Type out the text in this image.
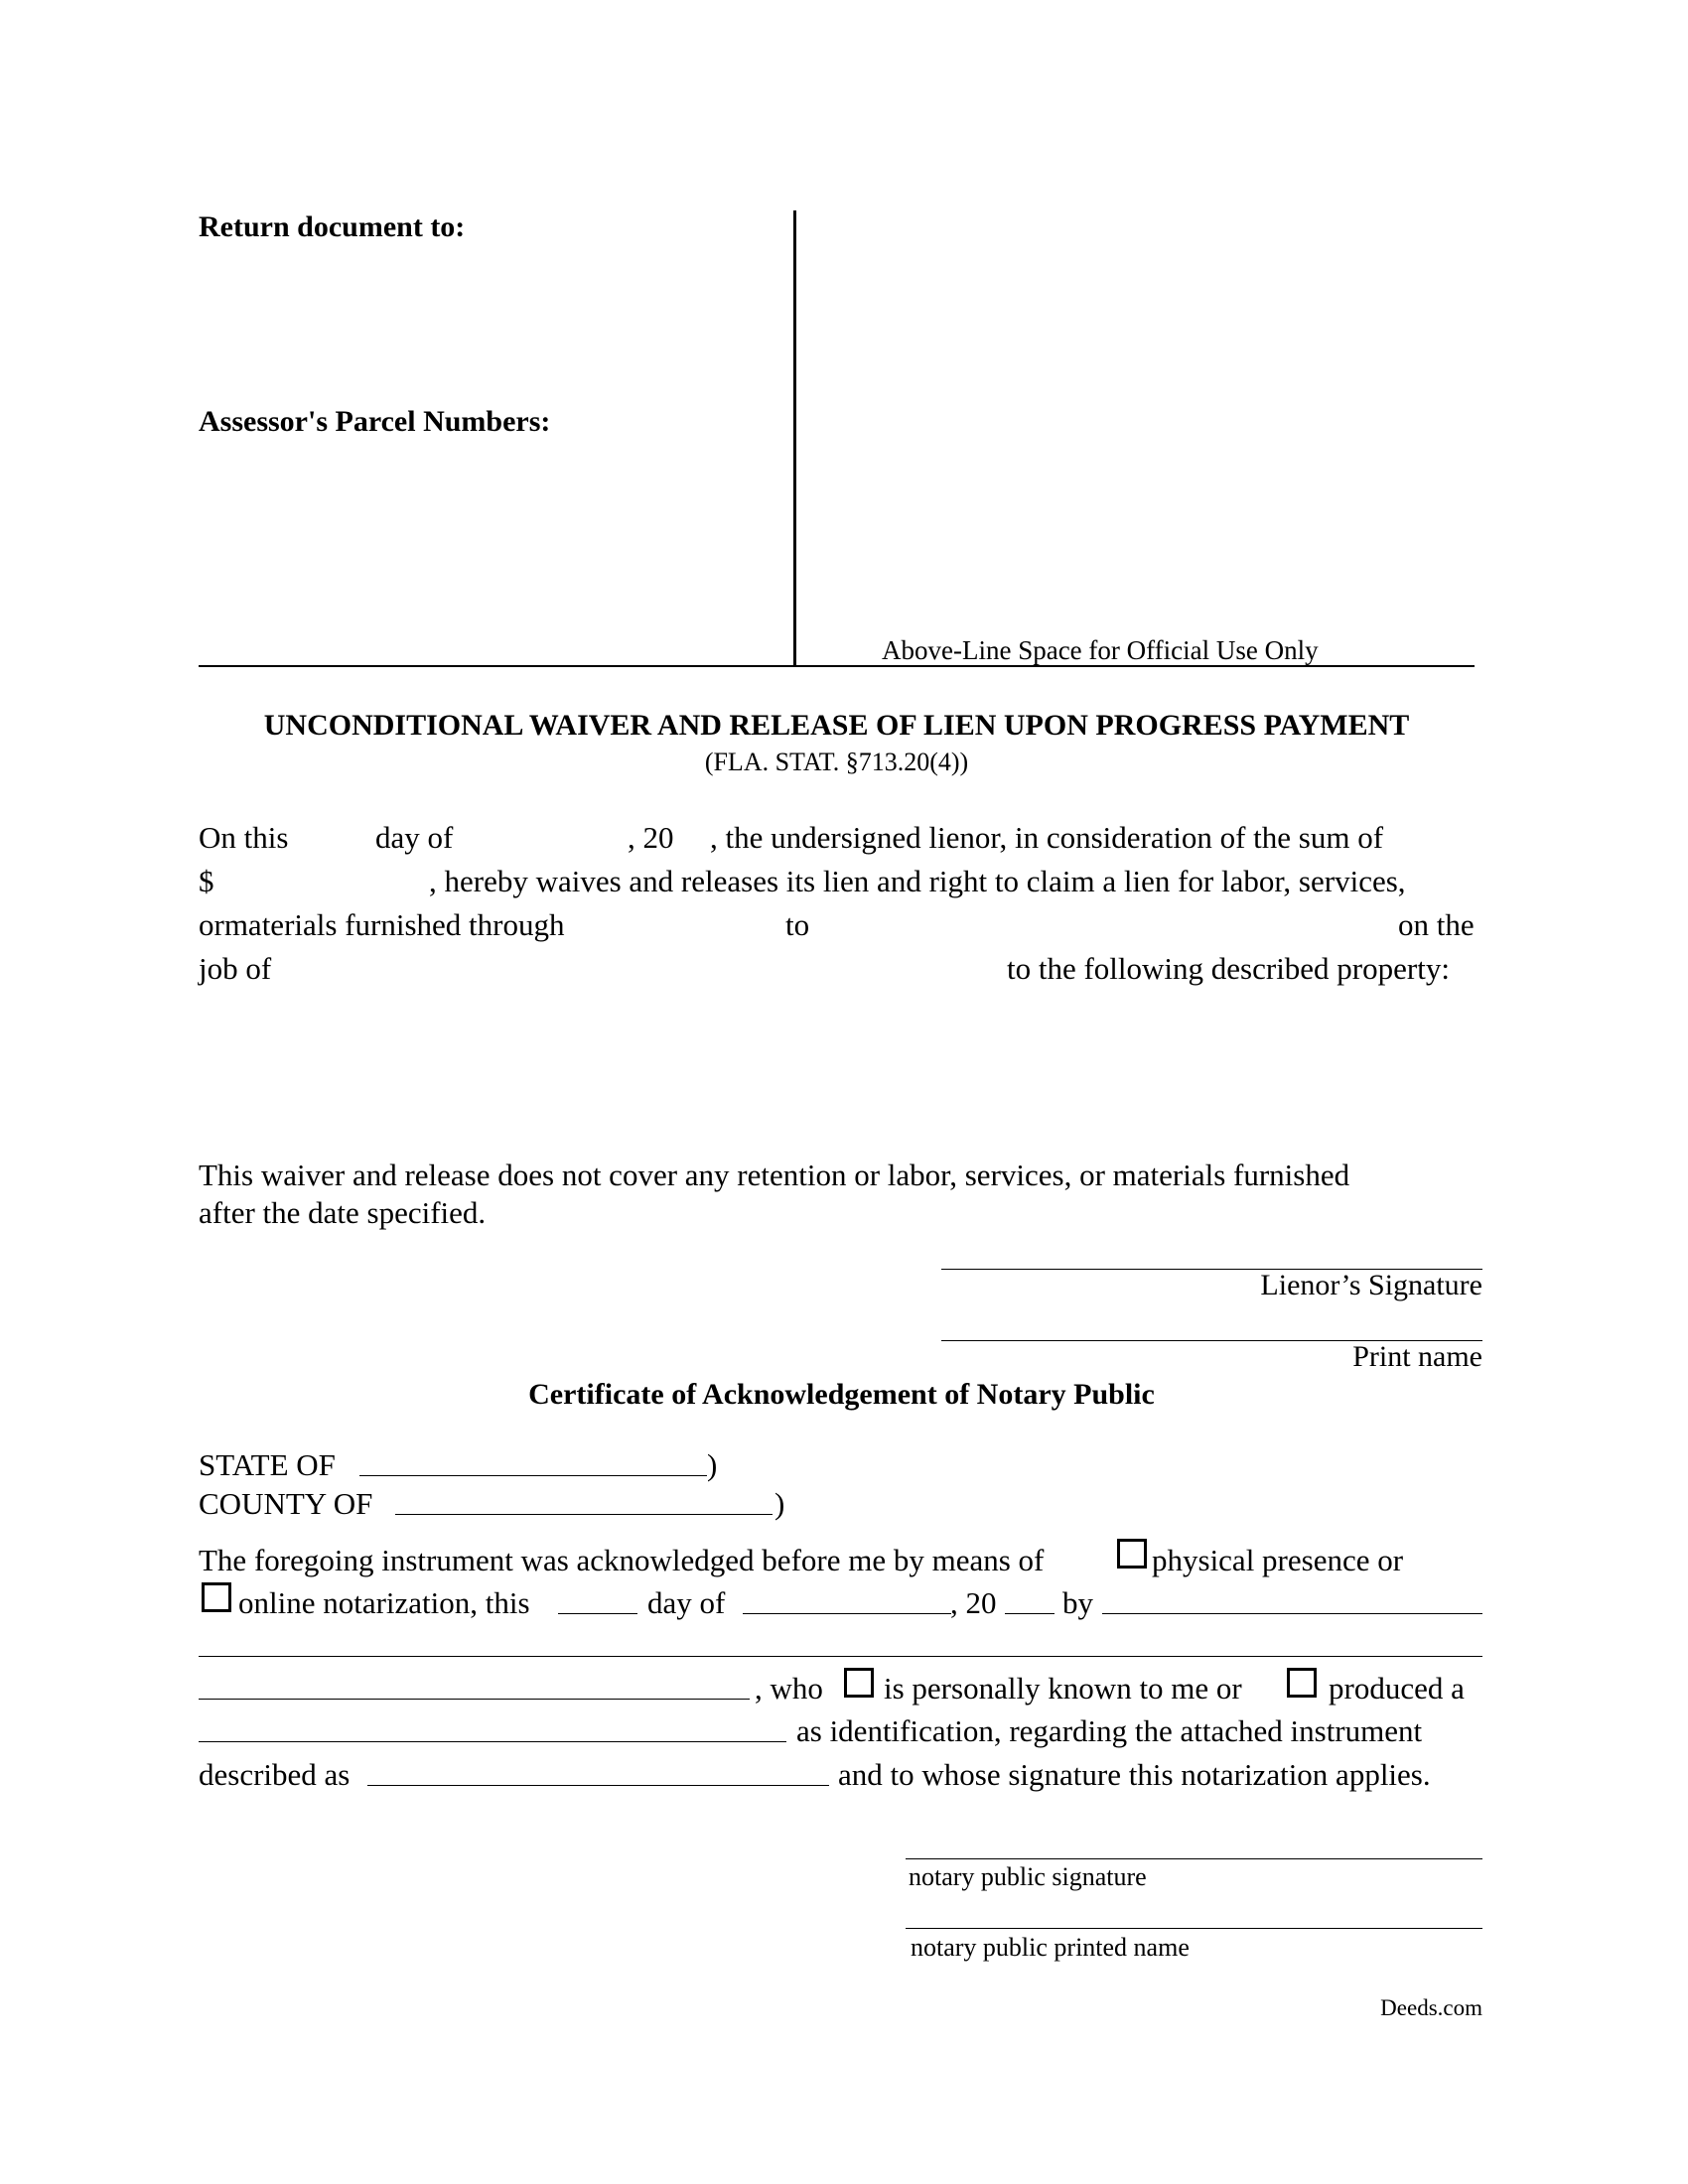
Return document to:
Assessor's Parcel Numbers:
Above-Line Space for Official Use Only
UNCONDITIONAL WAIVER AND RELEASE OF LIEN UPON PROGRESS PAYMENT
(FLA. STAT. §713.20(4))
On this	day of	, 20 , the undersigned lienor, in consideration of the sum of
$	, hereby waives and releases its lien and right to claim a lien for labor, services,
ormaterials furnished through	to	on the
job of	to the following described property:
This waiver and release does not cover any retention or labor, services, or materials furnished
after the date specified.
Lienor’s Signature
Print name
Certificate of Acknowledgement of Notary Public
STATE OF	)
COUNTY OF	)
The foregoing instrument was acknowledged before me by means of	physical presence or
online notarization, this	day of	, 20 by
, who is personally known to me or	produced a
as identification, regarding the attached instrument
described as	and to whose signature this notarization applies.
notary public signature
notary public printed name
Deeds.com
